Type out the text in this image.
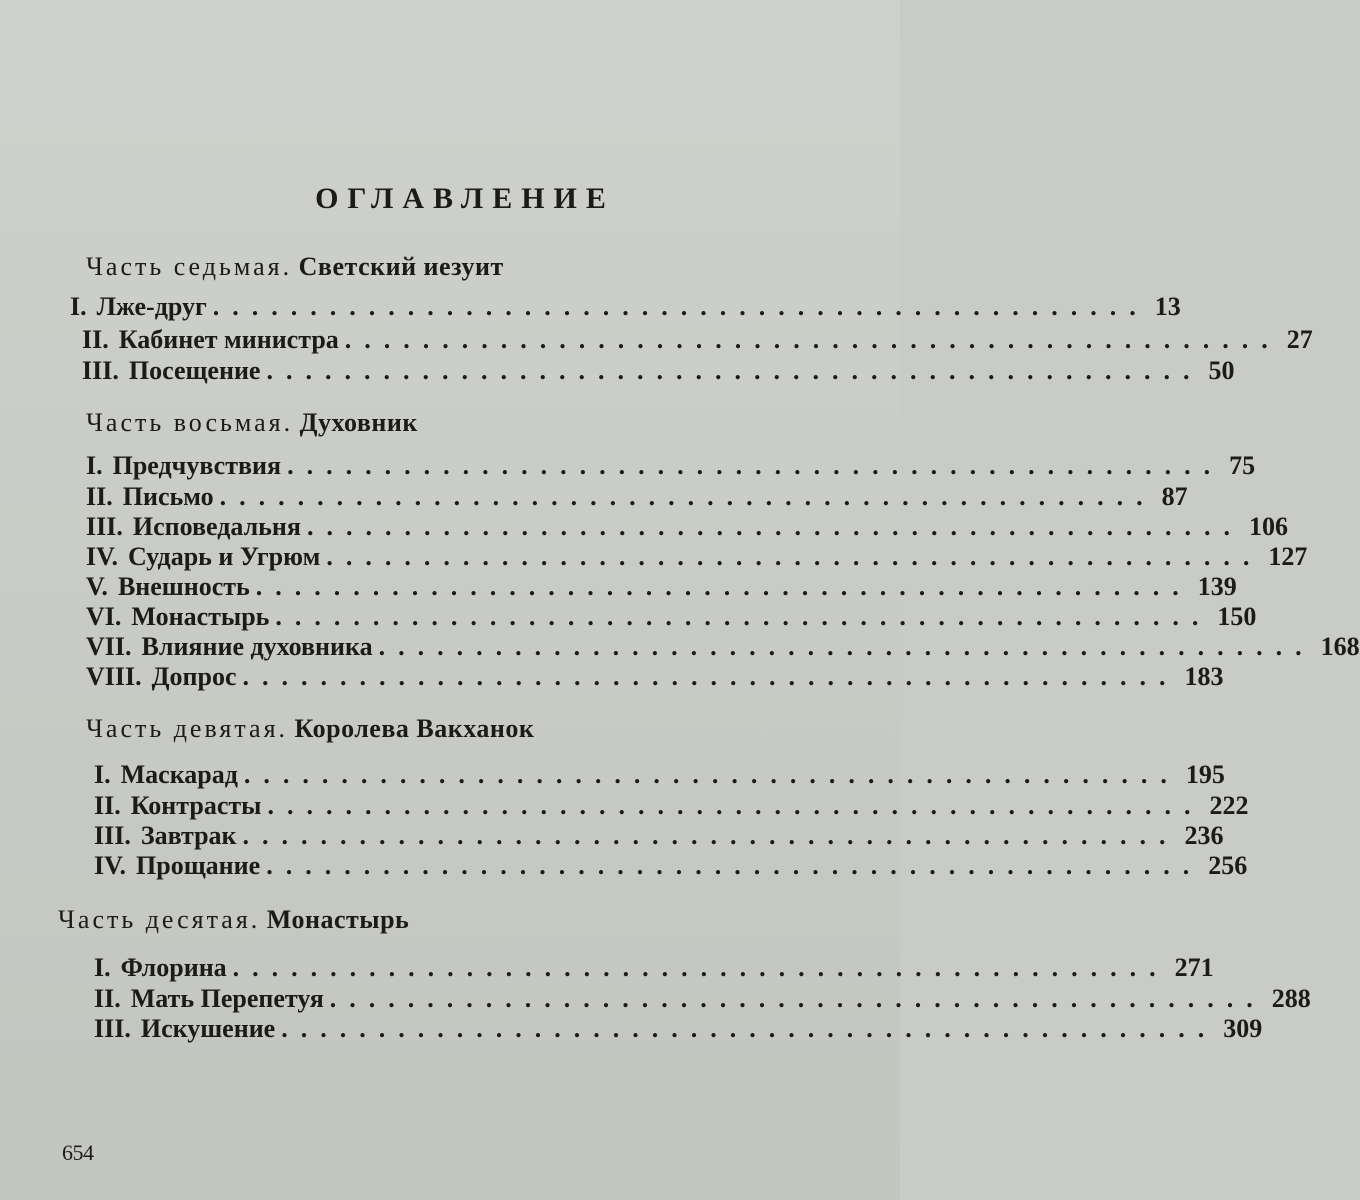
ОГЛАВЛЕНИЕ
Часть седьмая. Светский иезуит
I. Лже-друг ................................................ 13
II. Кабинет министра ................................................ 27
III. Посещение ................................................ 50
Часть восьмая. Духовник
I. Предчувствия ................................................ 75
II. Письмо ................................................ 87
III. Исповедальня ................................................ 106
IV. Сударь и Угрюм ................................................ 127
V. Внешность ................................................ 139
VI. Монастырь ................................................ 150
VII. Влияние духовника ................................................ 168
VIII. Допрос ................................................ 183
Часть девятая. Королева Вакханок
I. Маскарад ................................................ 195
II. Контрасты ................................................ 222
III. Завтрак ................................................ 236
IV. Прощание ................................................ 256
Часть десятая. Монастырь
I. Флорина ................................................ 271
II. Мать Перепетуя ................................................ 288
III. Искушение ................................................ 309
654
